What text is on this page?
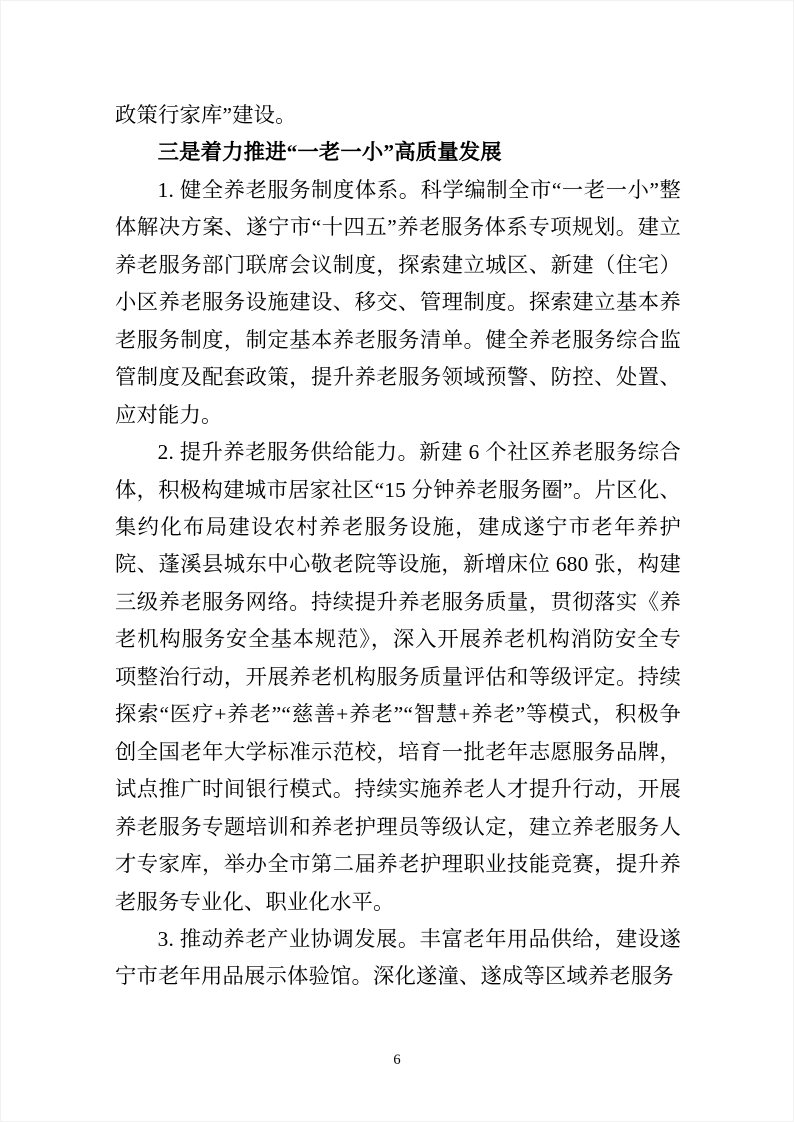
政策行家库”建设。

三是着力推进“一老一小”高质量发展

1. 健全养老服务制度体系。科学编制全市“一老一小”整体解决方案、遂宁市“十四五”养老服务体系专项规划。建立养老服务部门联席会议制度，探索建立城区、新建（住宅）小区养老服务设施建设、移交、管理制度。探索建立基本养老服务制度，制定基本养老服务清单。健全养老服务综合监管制度及配套政策，提升养老服务领域预警、防控、处置、应对能力。

2. 提升养老服务供给能力。新建 6 个社区养老服务综合体，积极构建城市居家社区“15 分钟养老服务圈”。片区化、集约化布局建设农村养老服务设施，建成遂宁市老年养护院、蓬溪县城东中心敬老院等设施，新增床位 680 张，构建三级养老服务网络。持续提升养老服务质量，贯彻落实《养老机构服务安全基本规范》，深入开展养老机构消防安全专项整治行动，开展养老机构服务质量评估和等级评定。持续探索“医疗+养老”“慈善+养老”“智慧+养老”等模式，积极争创全国老年大学标准示范校，培育一批老年志愿服务品牌，试点推广时间银行模式。持续实施养老人才提升行动，开展养老服务专题培训和养老护理员等级认定，建立养老服务人才专家库，举办全市第二届养老护理职业技能竞赛，提升养老服务专业化、职业化水平。

3. 推动养老产业协调发展。丰富老年用品供给，建设遂宁市老年用品展示体验馆。深化遂潼、遂成等区域养老服务

6
